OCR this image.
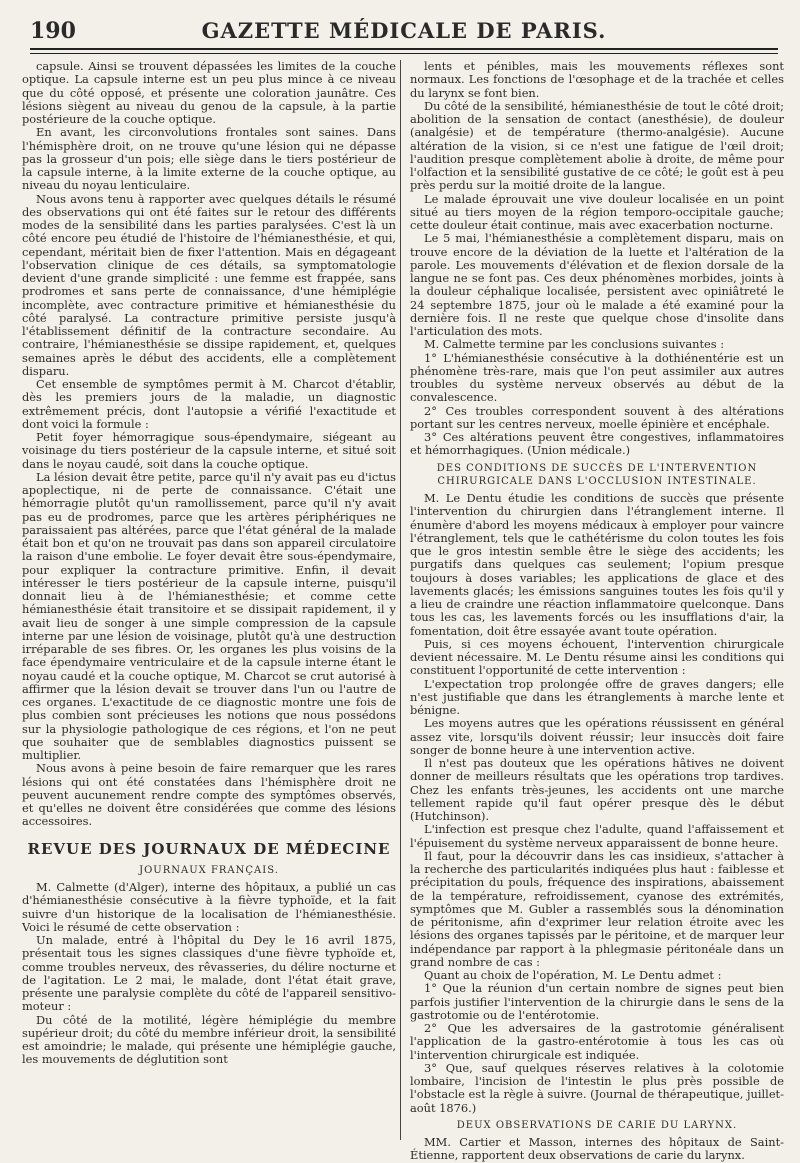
190	GAZETTE MÉDICALE DE PARIS.

capsule. Ainsi se trouvent dépassées les limites de la couche optique. La capsule interne est un peu plus mince à ce niveau que du côté opposé, et présente une coloration jaunâtre. Ces lésions siègent au niveau du genou de la capsule, à la partie postérieure de la couche optique.

En avant, les circonvolutions frontales sont saines. Dans l'hémisphère droit, on ne trouve qu'une lésion qui ne dépasse pas la grosseur d'un pois; elle siège dans le tiers postérieur de la capsule interne, à la limite externe de la couche optique, au niveau du noyau lenticulaire.

Nous avons tenu à rapporter avec quelques détails le résumé des observations qui ont été faites sur le retour des différents modes de la sensibilité dans les parties paralysées. C'est là un côté encore peu étudié de l'histoire de l'hémianesthésie, et qui, cependant, méritait bien de fixer l'attention. Mais en dégageant l'observation clinique de ces détails, sa symptomatologie devient d'une grande simplicité : une femme est frappée, sans prodromes et sans perte de connaissance, d'une hémiplégie incomplète, avec contracture primitive et hémianesthésie du côté paralysé. La contracture primitive persiste jusqu'à l'établissement définitif de la contracture secondaire. Au contraire, l'hémianesthésie se dissipe rapidement, et, quelques semaines après le début des accidents, elle a complètement disparu.

Cet ensemble de symptômes permit à M. Charcot d'établir, dès les premiers jours de la maladie, un diagnostic extrêmement précis, dont l'autopsie a vérifié l'exactitude et dont voici la formule :

Petit foyer hémorragique sous-épendymaire, siégeant au voisinage du tiers postérieur de la capsule interne, et situé soit dans le noyau caudé, soit dans la couche optique.

La lésion devait être petite, parce qu'il n'y avait pas eu d'ictus apoplectique, ni de perte de connaissance. C'était une hémorragie plutôt qu'un ramollissement, parce qu'il n'y avait pas eu de prodromes, parce que les artères périphériques ne paraissaient pas altérées, parce que l'état général de la malade était bon et qu'on ne trouvait pas dans son appareil circulatoire la raison d'une embolie. Le foyer devait être sous-épendymaire, pour expliquer la contracture primitive. Enfin, il devait intéresser le tiers postérieur de la capsule interne, puisqu'il donnait lieu à de l'hémianesthésie; et comme cette hémianesthésie était transitoire et se dissipait rapidement, il y avait lieu de songer à une simple compression de la capsule interne par une lésion de voisinage, plutôt qu'à une destruction irréparable de ses fibres. Or, les organes les plus voisins de la face épendymaire ventriculaire et de la capsule interne étant le noyau caudé et la couche optique, M. Charcot se crut autorisé à affirmer que la lésion devait se trouver dans l'un ou l'autre de ces organes. L'exactitude de ce diagnostic montre une fois de plus combien sont précieuses les notions que nous possédons sur la physiologie pathologique de ces régions, et l'on ne peut que souhaiter que de semblables diagnostics puissent se multiplier.

Nous avons à peine besoin de faire remarquer que les rares lésions qui ont été constatées dans l'hémisphère droit ne peuvent aucunement rendre compte des symptômes observés, et qu'elles ne doivent être considérées que comme des lésions accessoires.

REVUE DES JOURNAUX DE MÉDECINE

JOURNAUX FRANÇAIS.

M. Calmette (d'Alger), interne des hôpitaux, a publié un cas d'hémianesthésie consécutive à la fièvre typhoïde, et la fait suivre d'un historique de la localisation de l'hémianesthésie. Voici le résumé de cette observation :

Un malade, entré à l'hôpital du Dey le 16 avril 1875, présentait tous les signes classiques d'une fièvre typhoïde et, comme troubles nerveux, des rêvasseries, du délire nocturne et de l'agitation. Le 2 mai, le malade, dont l'état était grave, présente une paralysie complète du côté de l'appareil sensitivo-moteur :

Du côté de la motilité, légère hémiplégie du membre supérieur droit; du côté du membre inférieur droit, la sensibilité est amoindrie; le malade, qui présente une hémiplégie gauche, les mouvements de déglutition sont

lents et pénibles, mais les mouvements réflexes sont normaux. Les fonctions de l'œsophage et de la trachée et celles du larynx se font bien.

Du côté de la sensibilité, hémianesthésie de tout le côté droit; abolition de la sensation de contact (anesthésie), de douleur (analgésie) et de température (thermo-analgésie). Aucune altération de la vision, si ce n'est une fatigue de l'œil droit; l'audition presque complètement abolie à droite, de même pour l'olfaction et la sensibilité gustative de ce côté; le goût est à peu près perdu sur la moitié droite de la langue.

Le malade éprouvait une vive douleur localisée en un point situé au tiers moyen de la région temporo-occipitale gauche; cette douleur était continue, mais avec exacerbation nocturne.

Le 5 mai, l'hémianesthésie a complètement disparu, mais on trouve encore de la déviation de la luette et l'altération de la parole. Les mouvements d'élévation et de flexion dorsale de la langue ne se font pas. Ces deux phénomènes morbides, joints à la douleur céphalique localisée, persistent avec opiniâtreté le 24 septembre 1875, jour où le malade a été examiné pour la dernière fois. Il ne reste que quelque chose d'insolite dans l'articulation des mots.

M. Calmette termine par les conclusions suivantes :

1° L'hémianesthésie consécutive à la dothiénentérie est un phénomène très-rare, mais que l'on peut assimiler aux autres troubles du système nerveux observés au début de la convalescence.

2° Ces troubles correspondent souvent à des altérations portant sur les centres nerveux, moelle épinière et encéphale.

3° Ces altérations peuvent être congestives, inflammatoires et hémorrhagiques. (Union médicale.)

DES CONDITIONS DE SUCCÈS DE L'INTERVENTION CHIRURGICALE DANS L'OCCLUSION INTESTINALE.

M. Le Dentu étudie les conditions de succès que présente l'intervention du chirurgien dans l'étranglement interne. Il énumère d'abord les moyens médicaux à employer pour vaincre l'étranglement, tels que le cathétérisme du colon toutes les fois que le gros intestin semble être le siège des accidents; les purgatifs dans quelques cas seulement; l'opium presque toujours à doses variables; les applications de glace et des lavements glacés; les émissions sanguines toutes les fois qu'il y a lieu de craindre une réaction inflammatoire quelconque. Dans tous les cas, les lavements forcés ou les insufflations d'air, la fomentation, doit être essayée avant toute opération.

Puis, si ces moyens échouent, l'intervention chirurgicale devient nécessaire. M. Le Dentu résume ainsi les conditions qui constituent l'opportunité de cette intervention :

L'expectation trop prolongée offre de graves dangers; elle n'est justifiable que dans les étranglements à marche lente et bénigne.

Les moyens autres que les opérations réussissent en général assez vite, lorsqu'ils doivent réussir; leur insuccès doit faire songer de bonne heure à une intervention active.

Il n'est pas douteux que les opérations hâtives ne doivent donner de meilleurs résultats que les opérations trop tardives. Chez les enfants très-jeunes, les accidents ont une marche tellement rapide qu'il faut opérer presque dès le début (Hutchinson).

L'infection est presque chez l'adulte, quand l'affaissement et l'épuisement du système nerveux apparaissent de bonne heure.

Il faut, pour la découvrir dans les cas insidieux, s'attacher à la recherche des particularités indiquées plus haut : faiblesse et précipitation du pouls, fréquence des inspirations, abaissement de la température, refroidissement, cyanose des extrémités, symptômes que M. Gubler a rassemblés sous la dénomination de péritonisme, afin d'exprimer leur relation étroite avec les lésions des organes tapissés par le péritoine, et de marquer leur indépendance par rapport à la phlegmasie péritonéale dans un grand nombre de cas :

Quant au choix de l'opération, M. Le Dentu admet :

1° Que la réunion d'un certain nombre de signes peut bien parfois justifier l'intervention de la chirurgie dans le sens de la gastrotomie ou de l'entérotomie.

2° Que les adversaires de la gastrotomie généralisent l'application de la gastro-entérotomie à tous les cas où l'intervention chirurgicale est indiquée.

3° Que, sauf quelques réserves relatives à la colotomie lombaire, l'incision de l'intestin le plus près possible de l'obstacle est la règle à suivre. (Journal de thérapeutique, juillet-août 1876.)

DEUX OBSERVATIONS DE CARIE DU LARYNX.

MM. Cartier et Masson, internes des hôpitaux de Saint-Étienne, rapportent deux observations de carie du larynx.
